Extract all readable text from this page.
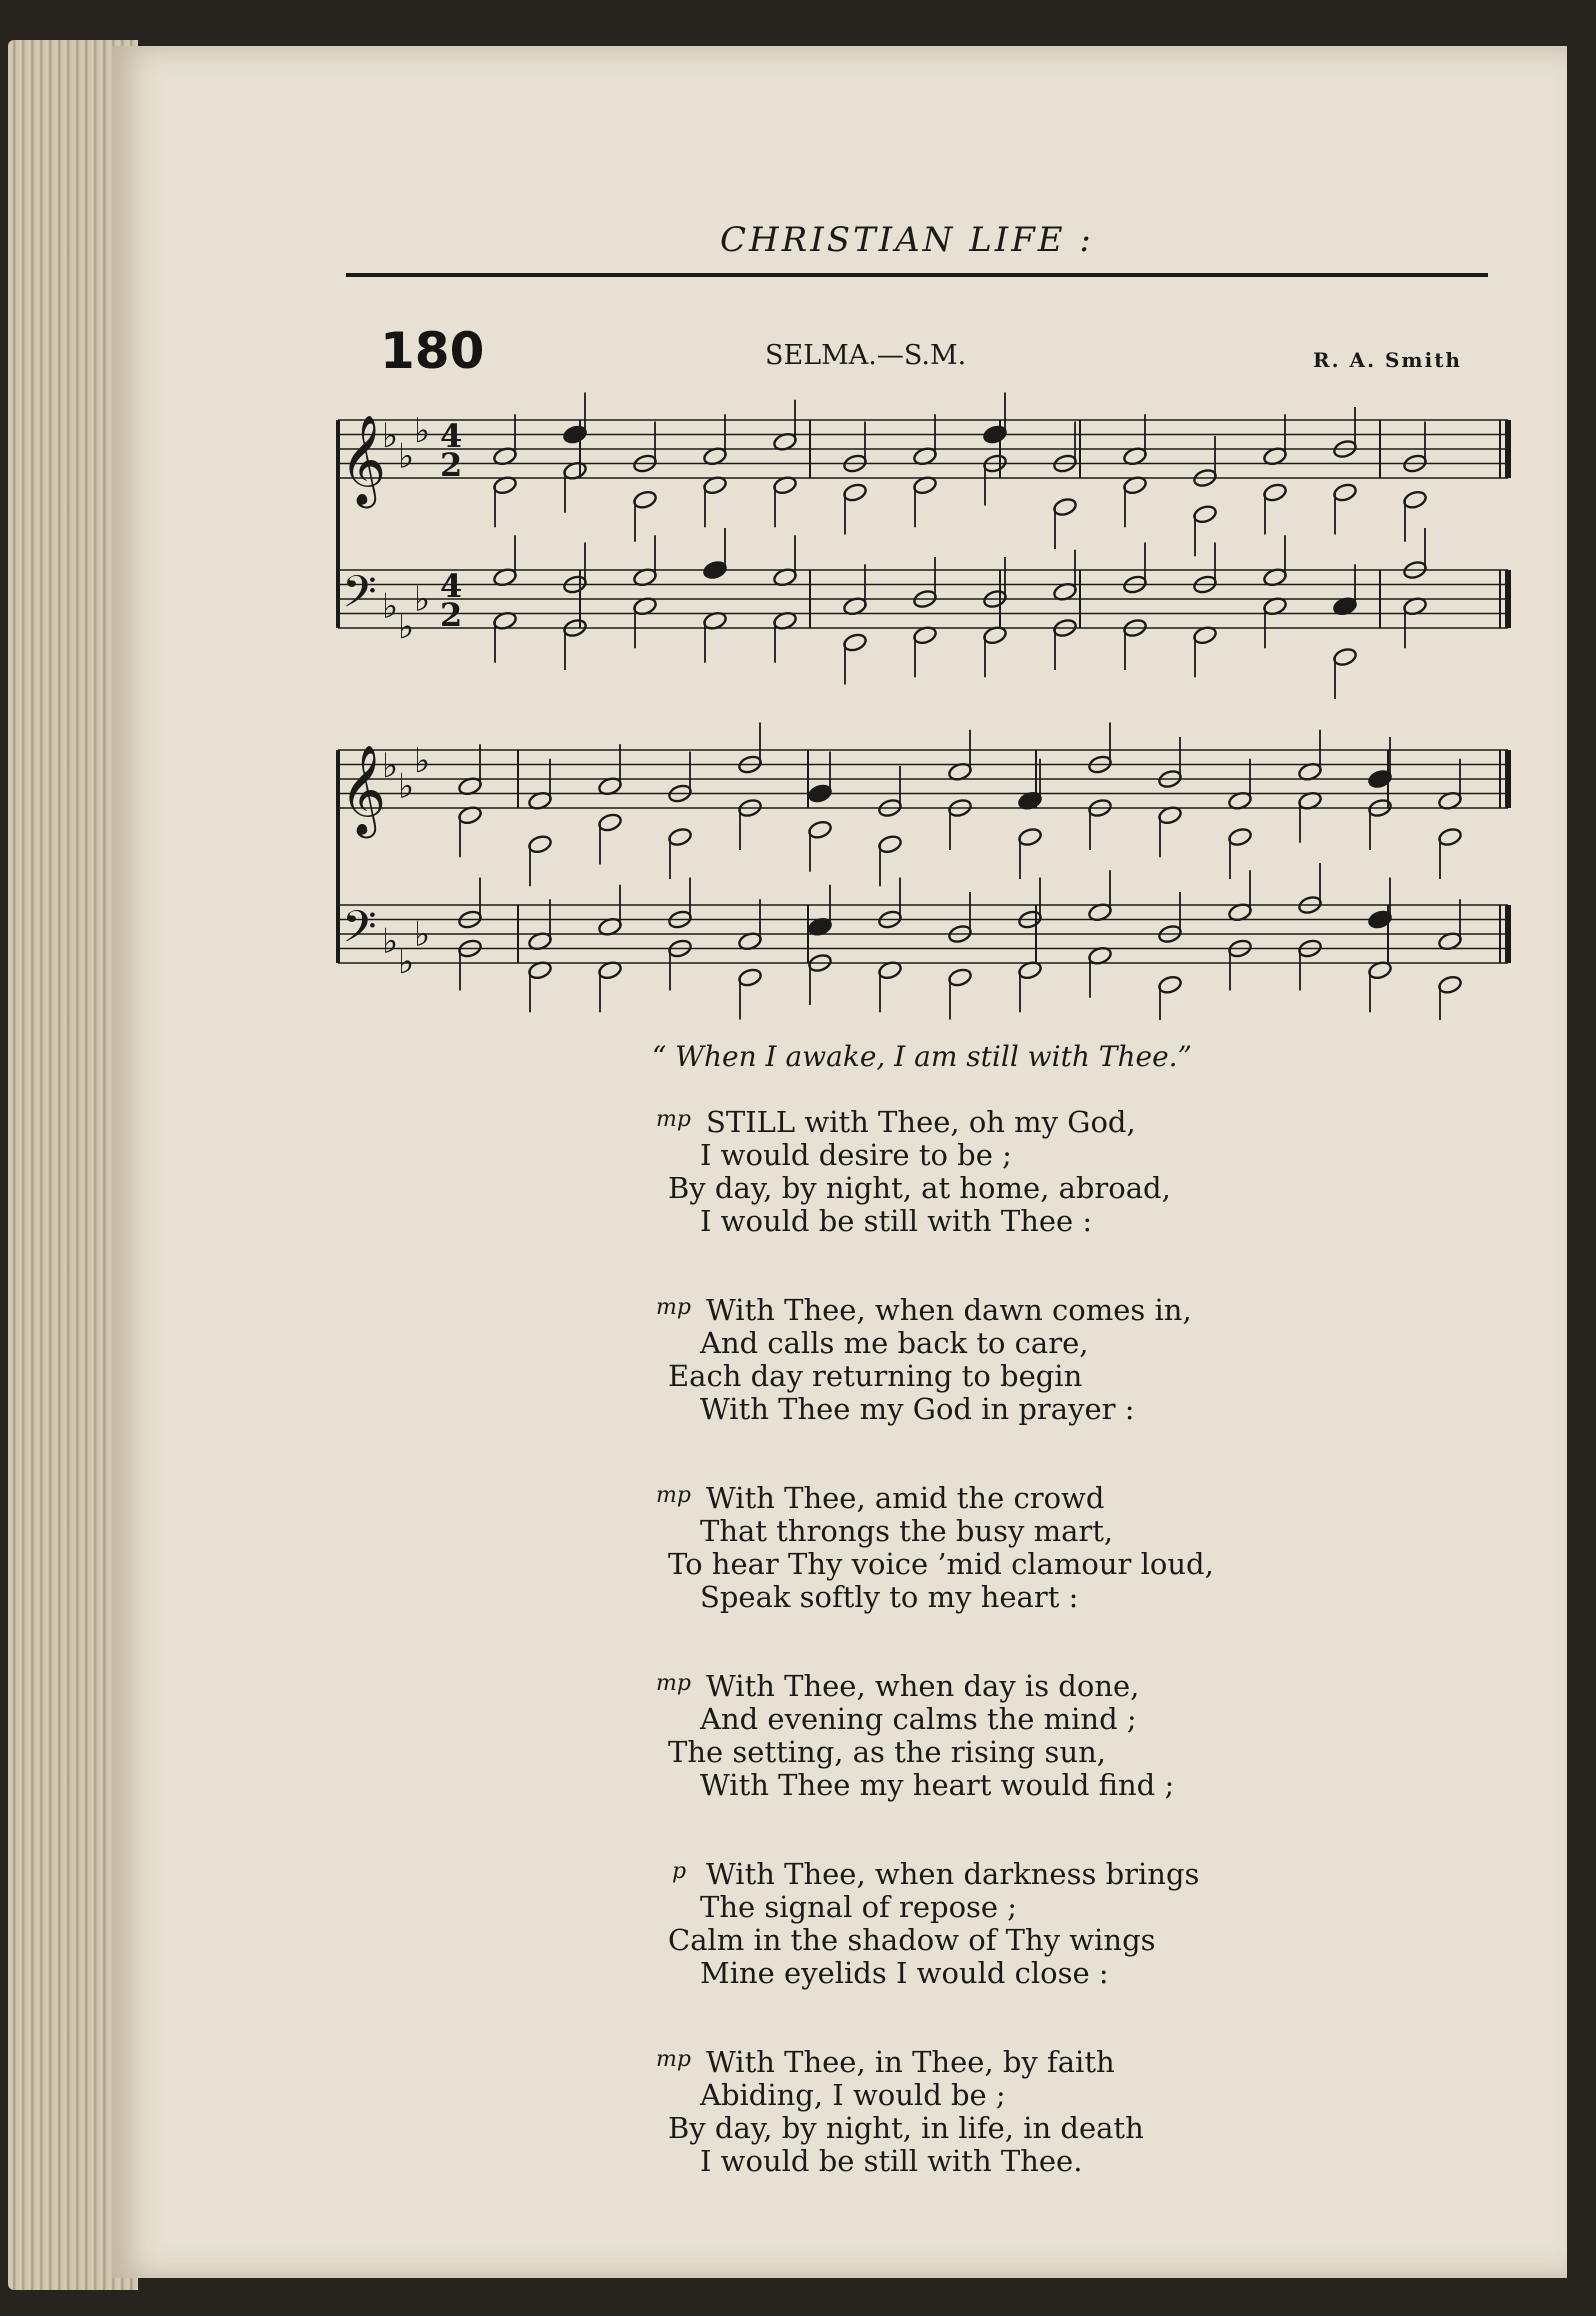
CHRISTIAN LIFE :
180	SELMA.—S.M.	R. A. Smith
𝄞
𝄢
♭
♭
♭
♭
♭
♭
4
4
2
2
𝄞
𝄢
♭
♭
♭
♭
♭
♭
“ When I awake, I am still with Thee.”
mp STILL with Thee, oh my God,
I would desire to be ;
By day, by night, at home, abroad,
I would be still with Thee :
mp With Thee, when dawn comes in,
And calls me back to care,
Each day returning to begin
With Thee my God in prayer :
mp With Thee, amid the crowd
That throngs the busy mart,
To hear Thy voice ’mid clamour loud,
Speak softly to my heart :
mp With Thee, when day is done,
And evening calms the mind ;
The setting, as the rising sun,
With Thee my heart would find ;
p With Thee, when darkness brings
The signal of repose ;
Calm in the shadow of Thy wings
Mine eyelids I would close :
mp With Thee, in Thee, by faith
Abiding, I would be ;
By day, by night, in life, in death
I would be still with Thee.
